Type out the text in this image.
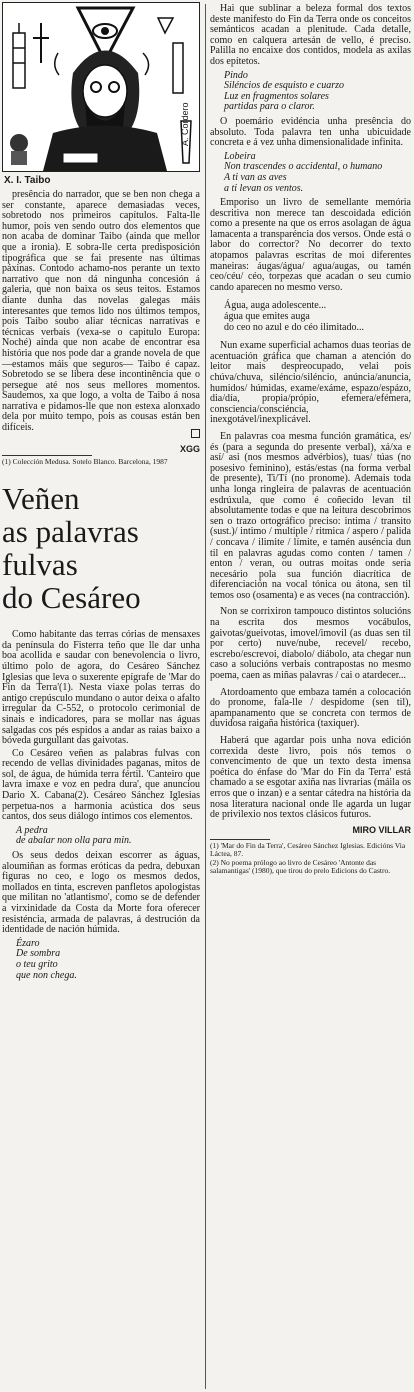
X. I. Taibo
A. Cordero

presência do narrador, que se ben non chega a ser constante, aparece demasiadas veces, sobretodo nos primeiros capítulos. Falta-lle humor, pois ven sendo outro dos elementos que non acaba de dominar Taibo (ainda que mellor que a ironia). E sobra-lle certa predisposición tipográfica que se fai presente nas últimas páxinas. Contodo achamo-nos perante un texto narrativo que non dá ningunha concesión á galeria, que non baixa os seus teitos. Estamos diante dunha das novelas galegas máis interesantes que temos lido nos últimos tempos, pois Taibo soubo aliar técnicas narrativas e técnicas verbais (vexa-se o capitulo Europa: Noché) ainda que non acabe de encontrar esa história que nos pode dar a grande novela de que —estamos máis que seguros— Taibo é capaz. Sobretodo se se libera dese incontinência que o persegue até nos seus mellores momentos. Saudemos, xa que logo, a volta de Taibo á nosa narrativa e pidamos-lle que non estexa alonxado dela por muito tempo, pois as cousas están ben difíceis.

XGG

(1) Colección Medusa. Sotelo Blanco. Barcelona, 1987

Veñen
as palavras
fulvas
do Cesáreo

Como habitante das terras córias de mensaxes da península do Fisterra teño que lle dar unha boa acollida e saudar con benevolencia o livro, último polo de agora, do Cesáreo Sánchez Iglesias que leva o suxerente epígrafe de 'Mar do Fin da Terra'(1). Nesta viaxe polas terras do antigo crepúsculo mundano o autor deixa o afalto irregular da C-552, o protocolo cerimonial de sinais e indicadores, para se mollar nas águas salgadas cos pés espidos a andar as raias baixo a bóveda gurgullant das gaivotas.

Co Cesáreo veñen as palabras fulvas con recendo de vellas divinidades paganas, mitos de sol, de água, de húmida terra fértil. 'Canteiro que lavra imaxe e voz en pedra dura', que anunciou Dario X. Cabana(2). Cesáreo Sánchez Iglesias perpetua-nos a harmonia acústica dos seus cantos, dos seus diálogo íntimos cos elementos.

A pedra
de abalar non olla para min.

Os seus dedos deixan escorrer as águas, aloumiñan as formas eróticas da pedra, debuxan figuras no ceo, e logo os mesmos dedos, mollados en tinta, escreven panfletos apologistas que militan no 'atlantismo', como se de defender a virxinidade da Costa da Morte fora oferecer resisténcia, armada de palavras, á destrución da identidade de nación húmida.

Ézaro
De sombra
o teu grito
que non chega.

Hai que sublinar a beleza formal dos textos deste manifesto do Fin da Terra onde os conceitos semánticos acadan a plenitude. Cada detalle, como en calquera artesán de vello, é preciso. Palilla no encaixe dos contidos, modela as axilas dos epítetos.

Pindo
Siléncios de esquisto e cuarzo
Luz en fragmentos solares
partidas para o claror.

O poemário evidéncia unha presência do absoluto. Toda palavra ten unha ubicuidade concreta e á vez unha dimensionalidade infinita.

Lobeira
Non trascendes o accidental, o humano
A ti van as aves
a ti levan os ventos.

Emporiso un livro de semellante memória descritiva non merece tan descoidada edición como a presente na que os erros asolagan de água lamacenta a transparéncia dos versos. Onde está o labor do corrector? No decorrer do texto atopamos palavras escritas de moi diferentes maneiras: áugas/água/ agua/augas, ou tamén ceo/céu/ céo, torpezas que acadan o seu cumio cando aparecen no mesmo verso.

Água, auga adolescente...
água que emites auga
do ceo no azul e do céo ilimitado...

Nun exame superficial achamos duas teorias de acentuación gráfica que chaman a atención do leitor mais despreocupado, velai pois chúva/chuva, siléncio/siléncio, anúncia/anuncia, humidos/ húmidas, exame/exáme, espazo/espázo, dia/día, propia/própio, efemera/efémera, consciencia/consciéncia, inexgotável/inexplicável.

En palavras coa mesma función gramática, es/és (para a segunda do presente verbal), xá/xa e así/ asi (nos mesmos advérbios), tuas/ túas (no posesivo feminino), estás/estas (na forma verbal de presente), Ti/Tí (no pronome). Ademais toda unha longa ringleira de palavras de acentuación esdrúxula, que como é coñecido levan til absolutamente todas e que na leitura descobrimos sen o trazo ortográfico preciso: intima / transito (sust.)/ intimo / multiple / ritmica / aspero / palida / concava / ilimite / límite, e tamén auséncia dun til en palavras agudas como conten / tamen / enton / veran, ou outras moitas onde seria necesário pola sua función diacrítica de diferenciación na vocal tónica ou átona, sen til temos oso (osamenta) e as veces (na contracción).

Non se corrixiron tampouco distintos solucións na escrita dos mesmos vocábulos, gaivotas/gueivotas, imovel/imovil (as duas sen til por certo) nuve/nube, recevel/ recebo, escrebo/escrevoi, diabolo/ diábolo, ata chegar nun caso a solucións verbais contrapostas no mesmo poema, caen as miñas palavras / cai o atardecer...

Atordoamento que embaza tamén a colocación do pronome, fala-lle / despidome (sen til), apampanamento que se concreta con termos de duvidosa raigaña histórica (taxiquer).

Haberá que agardar pois unha nova edición correxida deste livro, pois nós temos o convencimento de que un texto desta imensa poética do énfase do 'Mar do Fin da Terra' está chamado a se esgotar axiña nas livrarias (máila os erros que o inzan) e a sentar cátedra na história da nosa literatura nacional onde lle agarda un lugar de privilexio nos textos clásicos futuros.

MIRO VILLAR

(1) 'Mar do Fin da Terra', Cesáreo Sánchez Iglesias. Edicións Via Láctea, 87.

(2) No poema prólogo ao livro de Cesáreo 'Antonte das salamantigas' (1980), que tirou do prelo Edicions do Castro.
